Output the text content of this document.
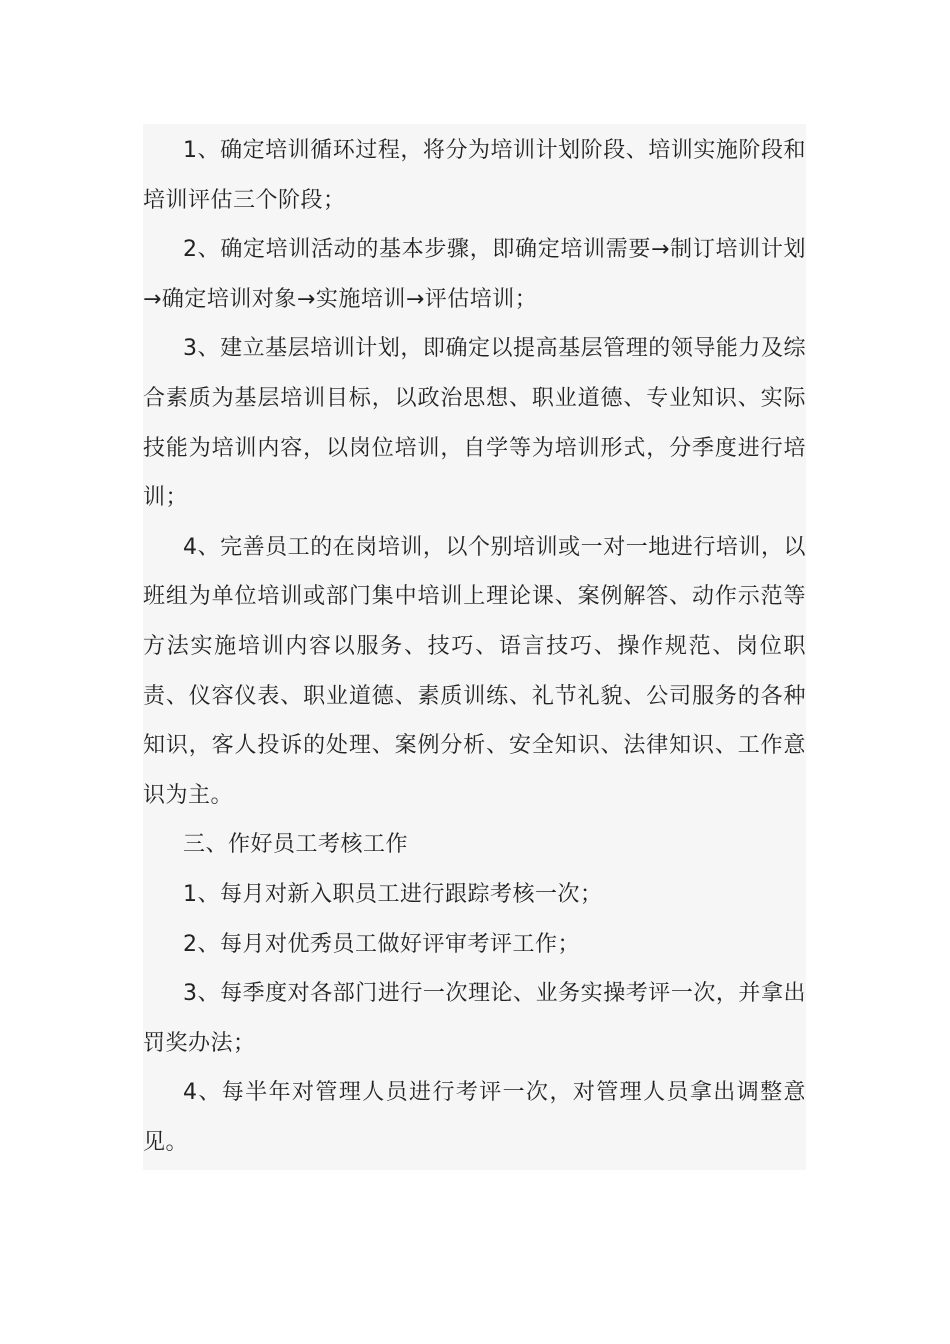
1、确定培训循环过程，将分为培训计划阶段、培训实施阶段和培训评估三个阶段；

2、确定培训活动的基本步骤，即确定培训需要→制订培训计划→确定培训对象→实施培训→评估培训；

3、建立基层培训计划，即确定以提高基层管理的领导能力及综合素质为基层培训目标，以政治思想、职业道德、专业知识、实际技能为培训内容，以岗位培训，自学等为培训形式，分季度进行培训；

4、完善员工的在岗培训，以个别培训或一对一地进行培训，以班组为单位培训或部门集中培训上理论课、案例解答、动作示范等方法实施培训内容以服务、技巧、语言技巧、操作规范、岗位职责、仪容仪表、职业道德、素质训练、礼节礼貌、公司服务的各种知识，客人投诉的处理、案例分析、安全知识、法律知识、工作意识为主。

三、作好员工考核工作

1、每月对新入职员工进行跟踪考核一次；

2、每月对优秀员工做好评审考评工作；

3、每季度对各部门进行一次理论、业务实操考评一次，并拿出罚奖办法；

4、每半年对管理人员进行考评一次，对管理人员拿出调整意见。
